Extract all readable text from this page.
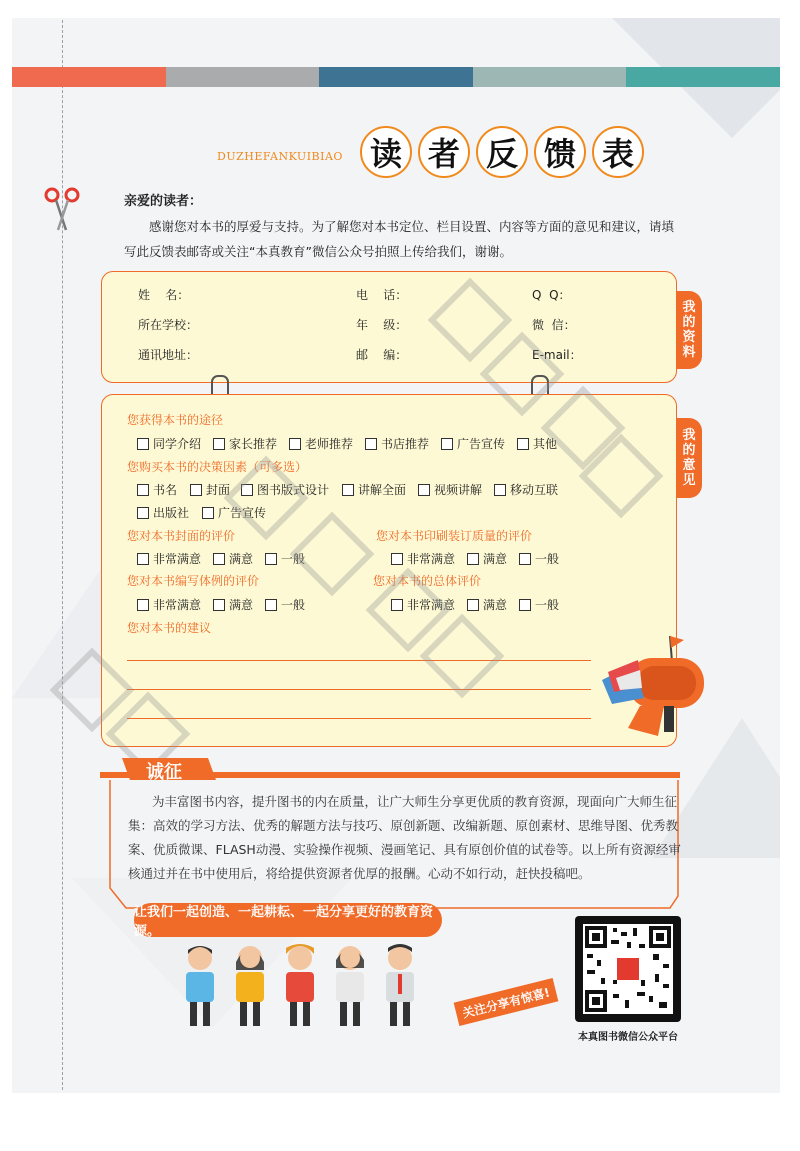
DUZHEFANKUIBIAO 读 者 反 馈 表
亲爱的读者：
感谢您对本书的厚爱与支持。为了解您对本书定位、栏目设置、内容等方面的意见和建议，请填写此反馈表邮寄或关注“本真教育”微信公众号拍照上传给我们，谢谢。
我
的
资
料
姓    名：	电    话：	Q  Q：
所在学校：	年    级：	微  信：
通讯地址：	邮    编：	E-mail：
我
的
意
见
您获得本书的途径
同学介绍 家长推荐 老师推荐 书店推荐 广告宣传 其他
您购买本书的决策因素（可多选）
书名 封面 图书版式设计 讲解全面 视频讲解 移动互联
出版社 广告宣传
您对本书封面的评价
非常满意 满意 一般
您对本书印刷装订质量的评价
非常满意 满意 一般
您对本书编写体例的评价
非常满意 满意 一般
您对本书的总体评价
非常满意 满意 一般
您对本书的建议
诚征
为丰富图书内容，提升图书的内在质量，让广大师生分享更优质的教育资源，现面向广大师生征集：高效的学习方法、优秀的解题方法与技巧、原创新题、改编新题、原创素材、思维导图、优秀教案、优质微课、FLASH动漫、实验操作视频、漫画笔记、具有原创价值的试卷等。以上所有资源经审核通过并在书中使用后，将给提供资源者优厚的报酬。心动不如行动，赶快投稿吧。
让我们一起创造、一起耕耘、一起分享更好的教育资源。
关注分享有惊喜!
本真图书微信公众平台
